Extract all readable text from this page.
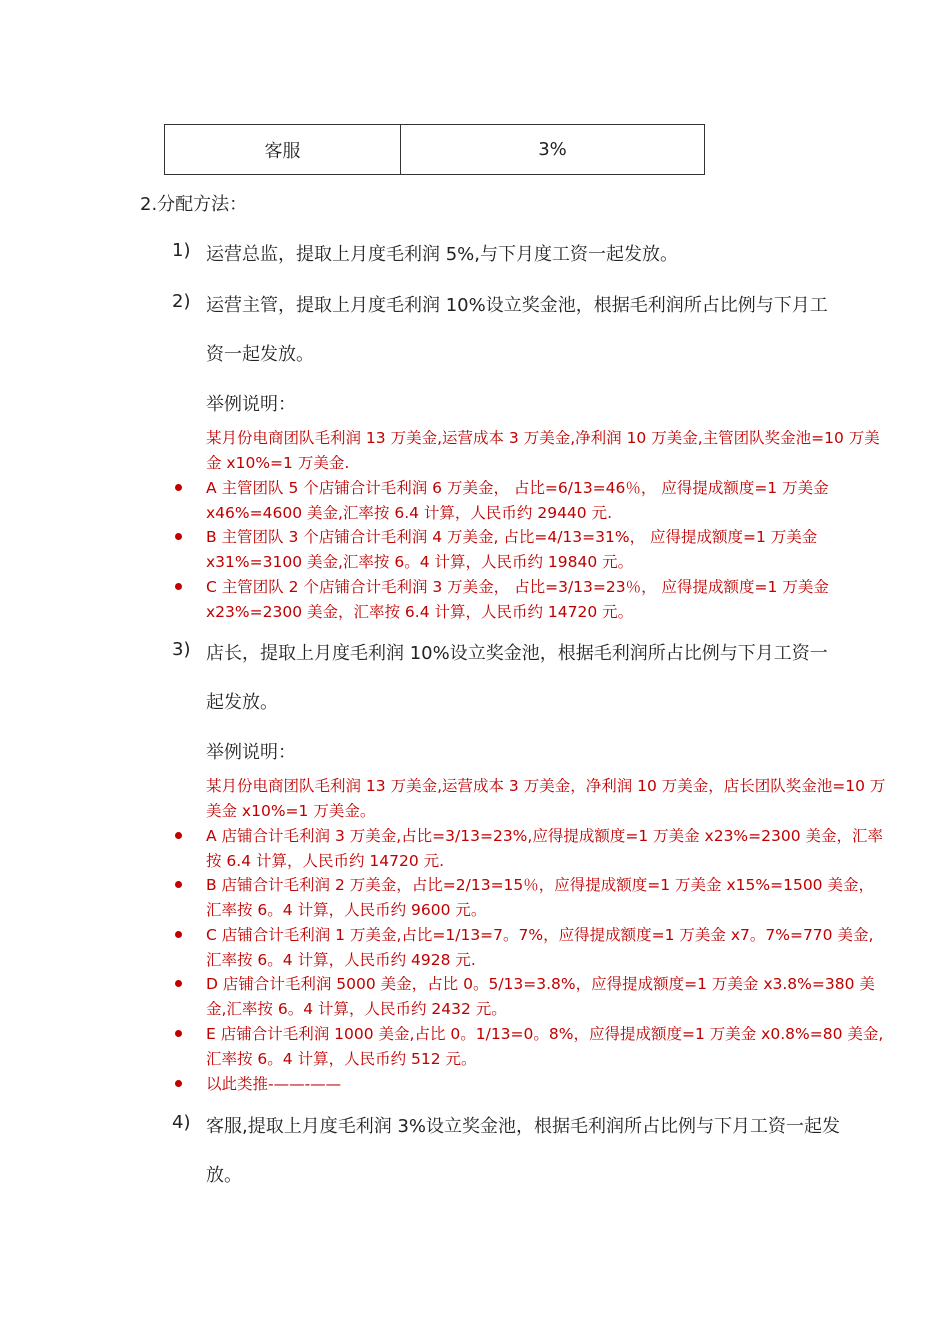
客服	3%
2.分配方法：
1) 运营总监，提取上月度毛利润 5%,与下月度工资一起发放。
2) 运营主管，提取上月度毛利润 10%设立奖金池，根据毛利润所占比例与下月工
资一起发放。
举例说明：
某月份电商团队毛利润 13 万美金,运营成本 3 万美金,净利润 10 万美金,主管团队奖金池=10 万美金 x10%=1 万美金.
A 主管团队 5 个店铺合计毛利润 6 万美金， 占比=6/13=46％， 应得提成额度=1 万美金 x46%=4600 美金,汇率按 6.4 计算，人民币约 29440 元.
B 主管团队 3 个店铺合计毛利润 4 万美金, 占比=4/13=31%， 应得提成额度=1 万美金 x31%=3100 美金,汇率按 6。4 计算，人民币约 19840 元。
C 主管团队 2 个店铺合计毛利润 3 万美金， 占比=3/13=23％， 应得提成额度=1 万美金 x23%=2300 美金，汇率按 6.4 计算，人民币约 14720 元。
3) 店长，提取上月度毛利润 10%设立奖金池，根据毛利润所占比例与下月工资一
起发放。
举例说明：
某月份电商团队毛利润 13 万美金,运营成本 3 万美金，净利润 10 万美金，店长团队奖金池=10 万美金 x10%=1 万美金。
A 店铺合计毛利润 3 万美金,占比=3/13=23%,应得提成额度=1 万美金 x23%=2300 美金，汇率按 6.4 计算，人民币约 14720 元.
B 店铺合计毛利润 2 万美金，占比=2/13=15％，应得提成额度=1 万美金 x15%=1500 美金，汇率按 6。4 计算，人民币约 9600 元。
C 店铺合计毛利润 1 万美金,占比=1/13=7。7%，应得提成额度=1 万美金 x7。7%=770 美金,汇率按 6。4 计算，人民币约 4928 元.
D 店铺合计毛利润 5000 美金，占比 0。5/13=3.8%，应得提成额度=1 万美金 x3.8%=380 美金,汇率按 6。4 计算，人民币约 2432 元。
E 店铺合计毛利润 1000 美金,占比 0。1/13=0。8%，应得提成额度=1 万美金 x0.8%=80 美金,汇率按 6。4 计算，人民币约 512 元。
以此类推-——-——
4) 客服,提取上月度毛利润 3%设立奖金池，根据毛利润所占比例与下月工资一起发
放。
